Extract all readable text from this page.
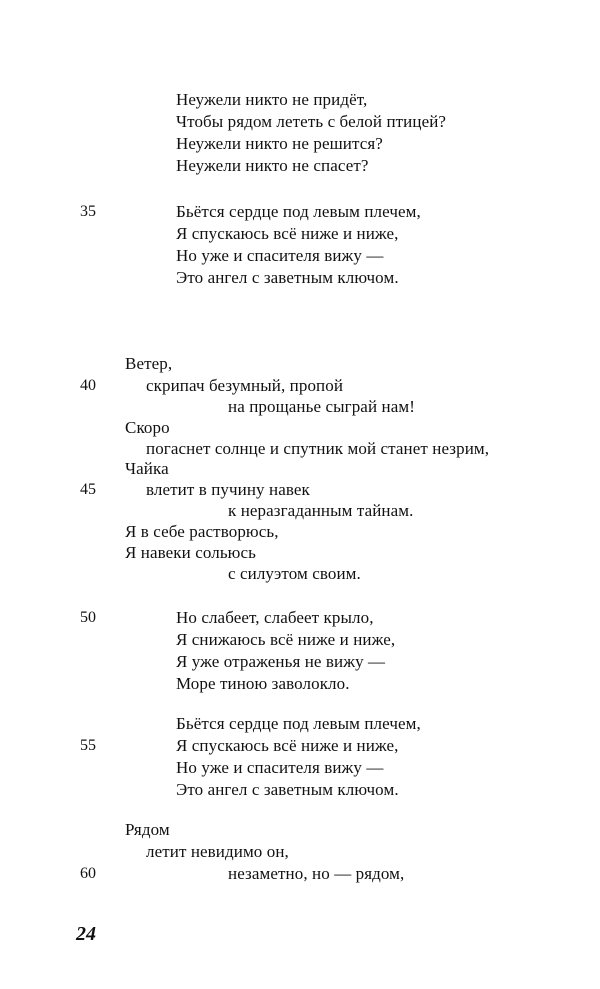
Неужели никто не придёт,
Чтобы рядом лететь с белой птицей?
Неужели никто не решится?
Неужели никто не спасет?
35	Бьётся сердце под левым плечем,
Я спускаюсь всё ниже и ниже,
Но уже и спасителя вижу —
Это ангел с заветным ключом.
40
45
Ветер,
скрипач безумный, пропой
на прощанье сыграй нам!
Скоро
погаснет солнце и спутник мой станет незрим,
Чайка
влетит в пучину навек
к неразгаданным тайнам.
Я в себе растворюсь,
Я навеки сольюсь
с силуэтом своим.
50	Но слабеет, слабеет крыло,
Я снижаюсь всё ниже и ниже,
Я уже отраженья не вижу —
Море тиною заволокло.
55
Бьётся сердце под левым плечем,
Я спускаюсь всё ниже и ниже,
Но уже и спасителя вижу —
Это ангел с заветным ключом.
60
Рядом
летит невидимо он,
незаметно, но — рядом,
24
